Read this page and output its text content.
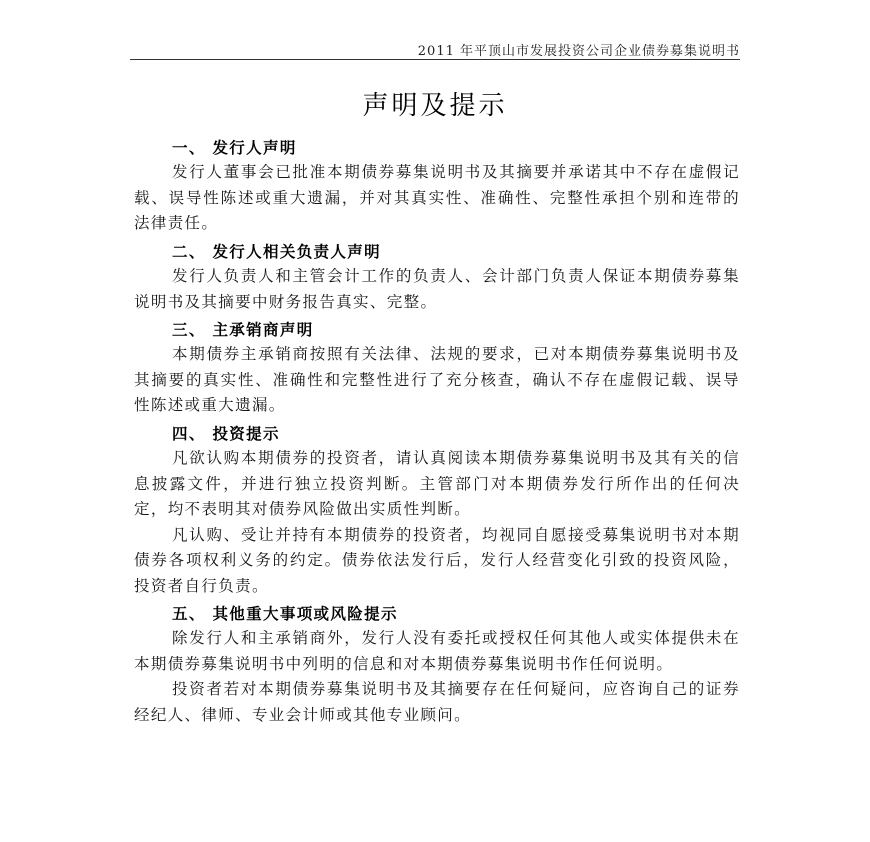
2011 年平顶山市发展投资公司企业债券募集说明书
声明及提示

一、 发行人声明

发行人董事会已批准本期债券募集说明书及其摘要并承诺其中不存在虚假记载、误导性陈述或重大遗漏，并对其真实性、准确性、完整性承担个别和连带的法律责任。

二、 发行人相关负责人声明

发行人负责人和主管会计工作的负责人、会计部门负责人保证本期债券募集说明书及其摘要中财务报告真实、完整。

三、 主承销商声明

本期债券主承销商按照有关法律、法规的要求，已对本期债券募集说明书及其摘要的真实性、准确性和完整性进行了充分核查，确认不存在虚假记载、误导性陈述或重大遗漏。

四、 投资提示

凡欲认购本期债券的投资者，请认真阅读本期债券募集说明书及其有关的信息披露文件，并进行独立投资判断。主管部门对本期债券发行所作出的任何决定，均不表明其对债券风险做出实质性判断。

凡认购、受让并持有本期债券的投资者，均视同自愿接受募集说明书对本期债券各项权利义务的约定。债券依法发行后，发行人经营变化引致的投资风险，投资者自行负责。

五、 其他重大事项或风险提示

除发行人和主承销商外，发行人没有委托或授权任何其他人或实体提供未在本期债券募集说明书中列明的信息和对本期债券募集说明书作任何说明。

投资者若对本期债券募集说明书及其摘要存在任何疑问，应咨询自己的证券经纪人、律师、专业会计师或其他专业顾问。
